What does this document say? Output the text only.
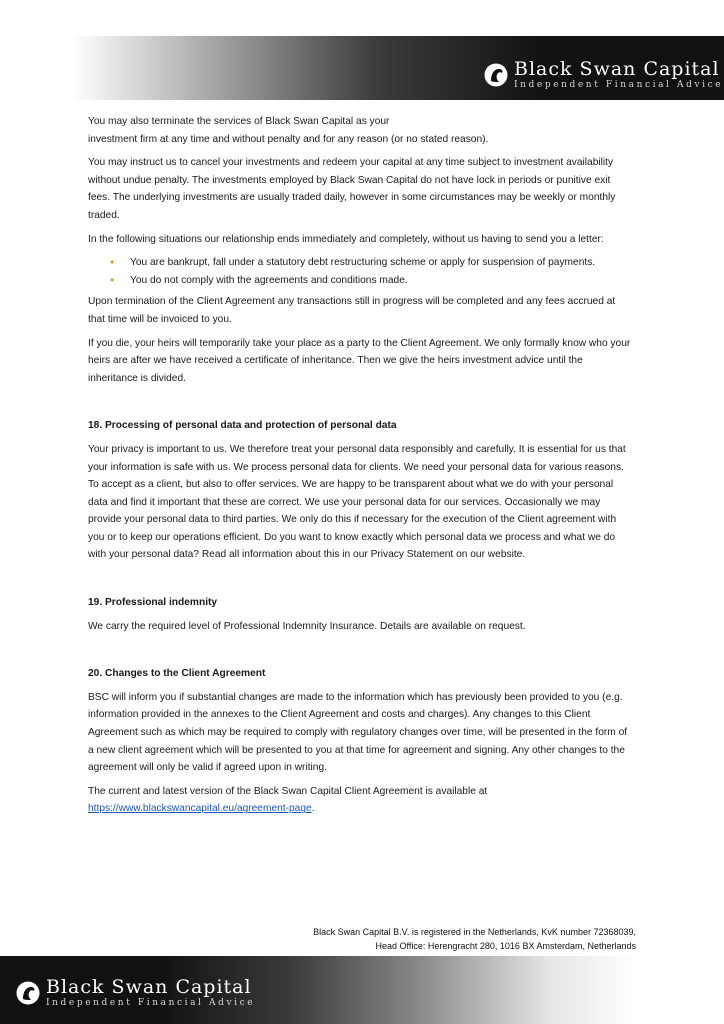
Black Swan Capital
Independent Financial Advice

You may also terminate the services of Black Swan Capital as your
investment firm at any time and without penalty and for any reason (or no stated reason).

You may instruct us to cancel your investments and redeem your capital at any time subject to investment availability without undue penalty. The investments employed by Black Swan Capital do not have lock in periods or punitive exit fees. The underlying investments are usually traded daily, however in some circumstances may be weekly or monthly traded.

In the following situations our relationship ends immediately and completely, without us having to send you a letter:

• You are bankrupt, fall under a statutory debt restructuring scheme or apply for suspension of payments.
• You do not comply with the agreements and conditions made.

Upon termination of the Client Agreement any transactions still in progress will be completed and any fees accrued at that time will be invoiced to you.

If you die, your heirs will temporarily take your place as a party to the Client Agreement. We only formally know who your heirs are after we have received a certificate of inheritance. Then we give the heirs investment advice until the inheritance is divided.

18. Processing of personal data and protection of personal data

Your privacy is important to us. We therefore treat your personal data responsibly and carefully. It is essential for us that your information is safe with us. We process personal data for clients. We need your personal data for various reasons. To accept as a client, but also to offer services. We are happy to be transparent about what we do with your personal data and find it important that these are correct. We use your personal data for our services. Occasionally we may provide your personal data to third parties. We only do this if necessary for the execution of the Client agreement with you or to keep our operations efficient. Do you want to know exactly which personal data we process and what we do with your personal data? Read all information about this in our Privacy Statement on our website.

19. Professional indemnity

We carry the required level of Professional Indemnity Insurance. Details are available on request.

20. Changes to the Client Agreement

BSC will inform you if substantial changes are made to the information which has previously been provided to you (e.g. information provided in the annexes to the Client Agreement and costs and charges). Any changes to this Client Agreement such as which may be required to comply with regulatory changes over time, will be presented in the form of a new client agreement which will be presented to you at that time for agreement and signing. Any other changes to the agreement will only be valid if agreed upon in writing.

The current and latest version of the Black Swan Capital Client Agreement is available at
https://www.blackswancapital.eu/agreement-page.

Black Swan Capital B.V. is registered in the Netherlands, KvK number 72368039,
Head Office: Herengracht 280, 1016 BX Amsterdam, Netherlands
Black Swan Capital
Independent Financial Advice
